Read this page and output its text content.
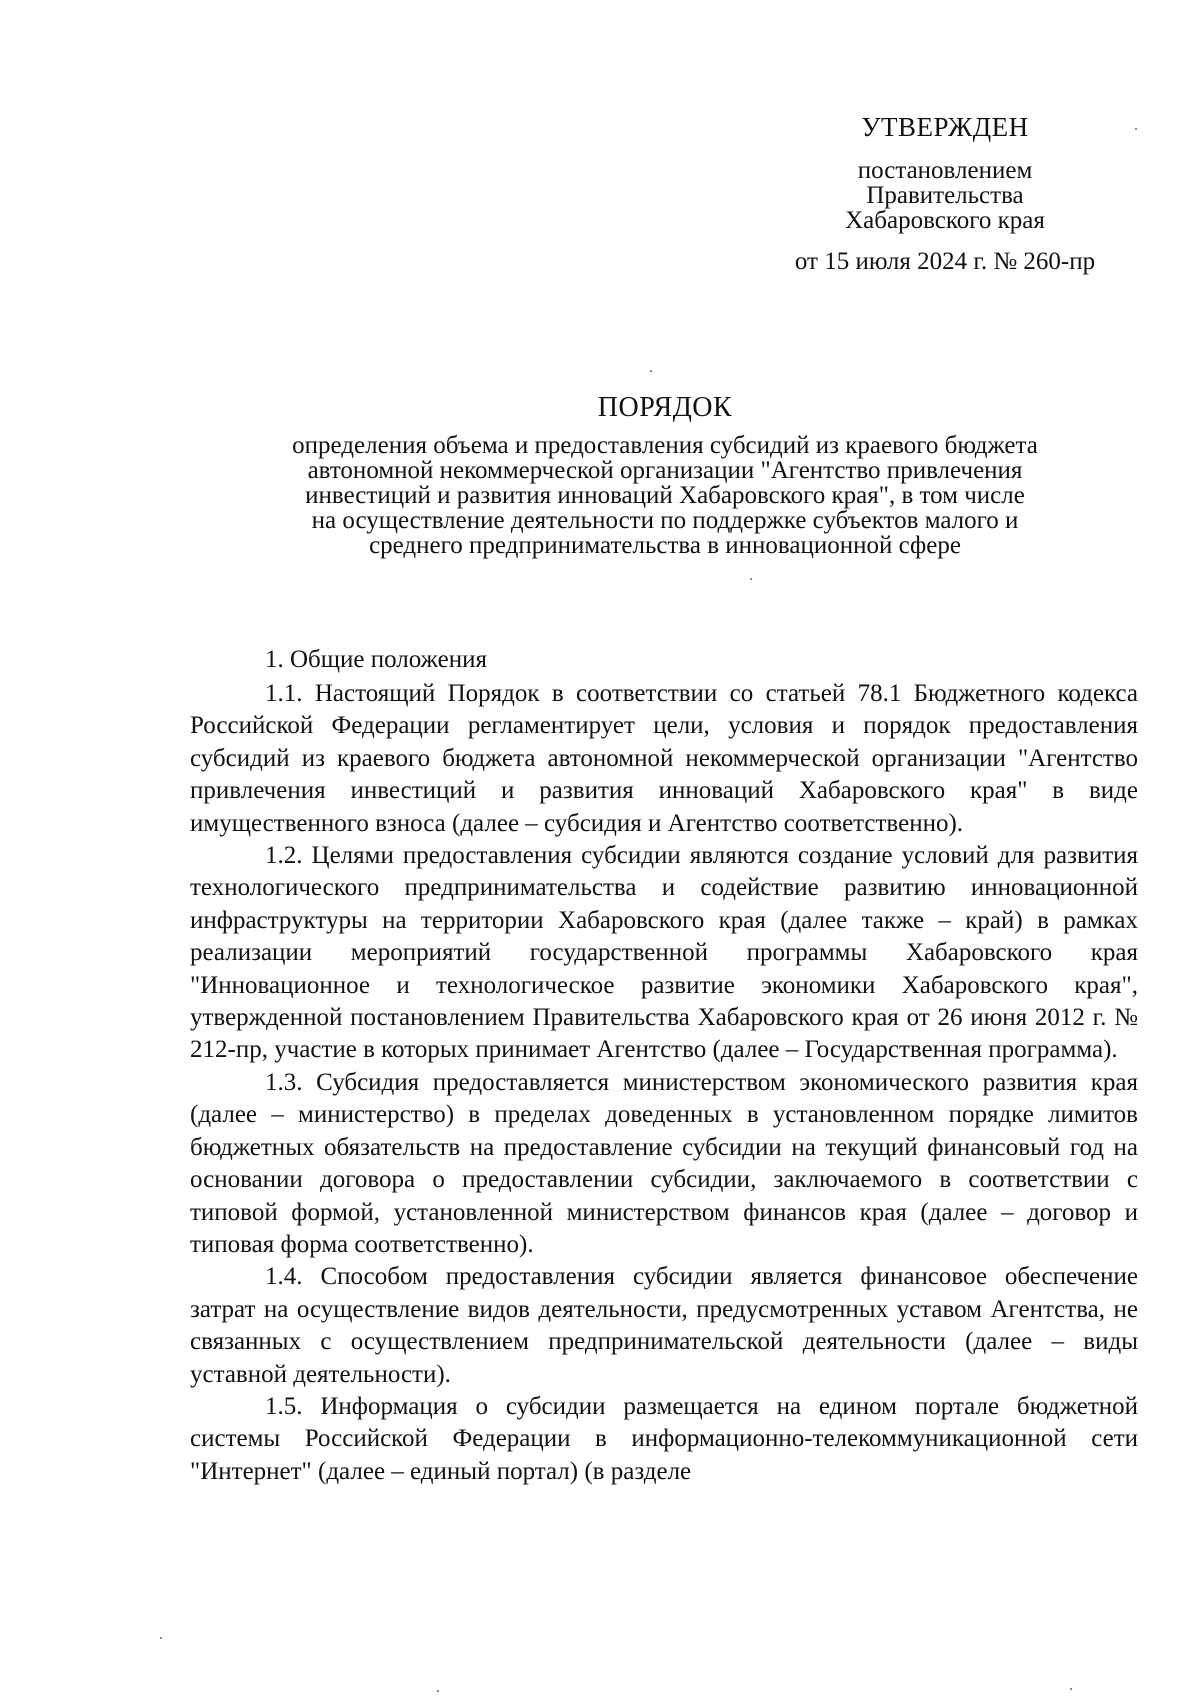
УТВЕРЖДЕН
постановлением
Правительства
Хабаровского края
от 15 июля 2024 г. № 260-пр
ПОРЯДОК
определения объема и предоставления субсидий из краевого бюджета
автономной некоммерческой организации "Агентство привлечения
инвестиций и развития инноваций Хабаровского края", в том числе
на осуществление деятельности по поддержке субъектов малого и
среднего предпринимательства в инновационной сфере
1. Общие положения

1.1. Настоящий Порядок в соответствии со статьей 78.1 Бюджетного кодекса Российской Федерации регламентирует цели, условия и порядок предоставления субсидий из краевого бюджета автономной некоммерческой организации "Агентство привлечения инвестиций и развития инноваций Хабаровского края" в виде имущественного взноса (далее – субсидия и Агентство соответственно).

1.2. Целями предоставления субсидии являются создание условий для развития технологического предпринимательства и содействие развитию инновационной инфраструктуры на территории Хабаровского края (далее также – край) в рамках реализации мероприятий государственной программы Хабаровского края "Инновационное и технологическое развитие экономики Хабаровского края", утвержденной постановлением Правительства Хабаровского края от 26 июня 2012 г. № 212-пр, участие в которых принимает Агентство (далее – Государственная программа).

1.3. Субсидия предоставляется министерством экономического развития края (далее – министерство) в пределах доведенных в установленном порядке лимитов бюджетных обязательств на предоставление субсидии на текущий финансовый год на основании договора о предоставлении субсидии, заключаемого в соответствии с типовой формой, установленной министерством финансов края (далее – договор и типовая форма соответственно).

1.4. Способом предоставления субсидии является финансовое обеспечение затрат на осуществление видов деятельности, предусмотренных уставом Агентства, не связанных с осуществлением предпринимательской деятельности (далее – виды уставной деятельности).

1.5. Информация о субсидии размещается на едином портале бюджетной системы Российской Федерации в информационно-телекоммуникационной сети "Интернет" (далее – единый портал) (в разделе
